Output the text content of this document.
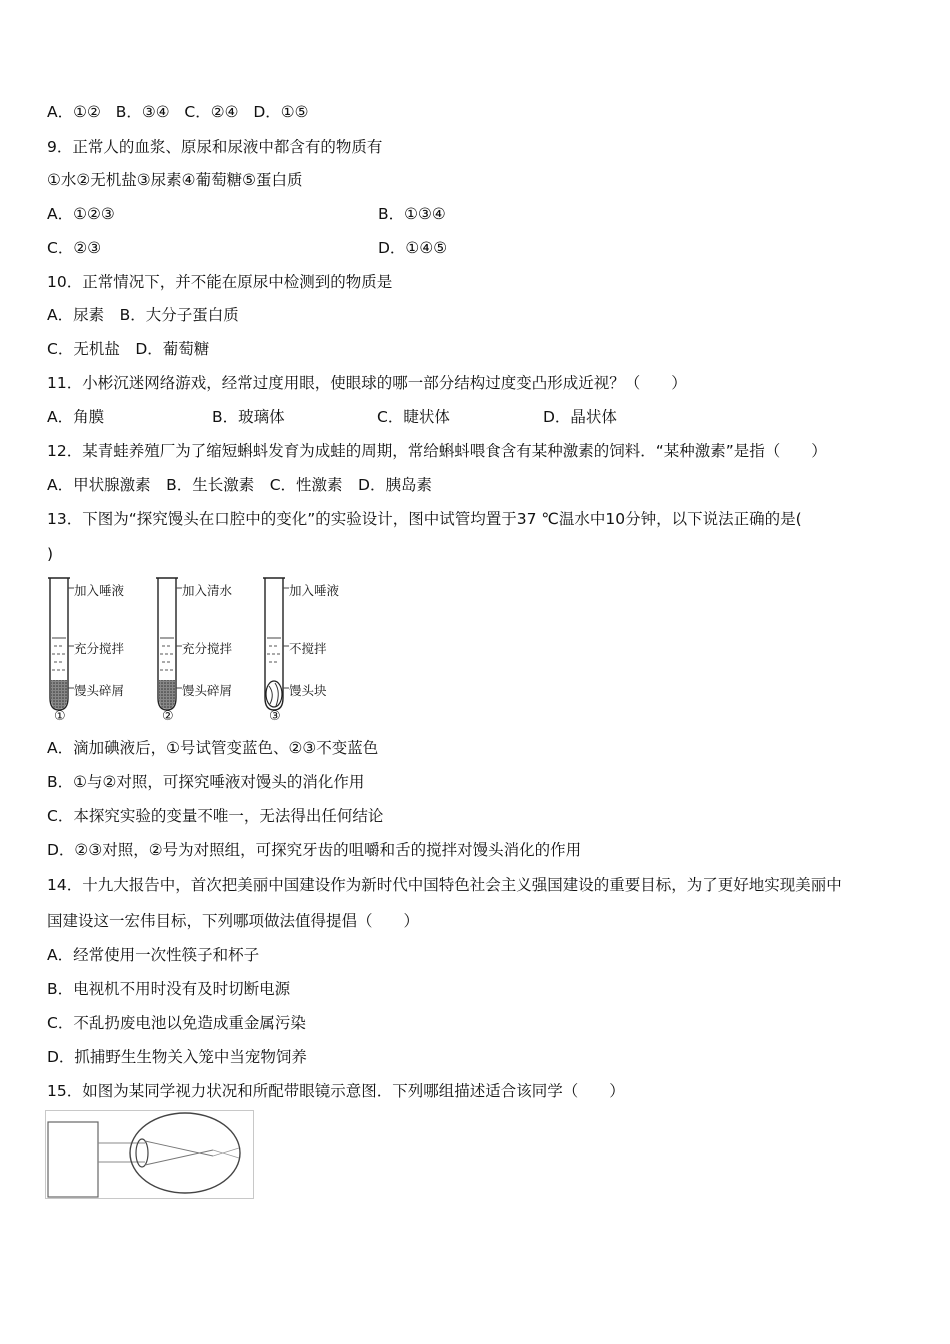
A．①② B．③④ C．②④ D．①⑤
9．正常人的血浆、原尿和尿液中都含有的物质有
①水②无机盐③尿素④葡萄糖⑤蛋白质
A．①②③	B．①③④
C．②③	D．①④⑤
10．正常情况下，并不能在原尿中检测到的物质是
A．尿素　B．大分子蛋白质
C．无机盐　D．葡萄糖
11．小彬沉迷网络游戏，经常过度用眼，使眼球的哪一部分结构过度变凸形成近视？（　　）
A．角膜	B．玻璃体	C．睫状体	D．晶状体
12．某青蛙养殖厂为了缩短蝌蚪发育为成蛙的周期，常给蝌蚪喂食含有某种激素的饲料．“某种激素”是指（　　）
A．甲状腺激素　B．生长激素　C．性激素　D．胰岛素
13．下图为“探究馒头在口腔中的变化”的实验设计，图中试管均置于37 ℃温水中10分钟，以下说法正确的是(
)
加入唾液
充分搅拌
馒头碎屑
①
加入清水
充分搅拌
馒头碎屑
②
加入唾液
不搅拌
馒头块
③
A．滴加碘液后，①号试管变蓝色、②③不变蓝色
B．①与②对照，可探究唾液对馒头的消化作用
C．本探究实验的变量不唯一，无法得出任何结论
D．②③对照，②号为对照组，可探究牙齿的咀嚼和舌的搅拌对馒头消化的作用
14．十九大报告中，首次把美丽中国建设作为新时代中国特色社会主义强国建设的重要目标，为了更好地实现美丽中
国建设这一宏伟目标，下列哪项做法值得提倡（　　）
A．经常使用一次性筷子和杯子
B．电视机不用时没有及时切断电源
C．不乱扔废电池以免造成重金属污染
D．抓捕野生生物关入笼中当宠物饲养
15．如图为某同学视力状况和所配带眼镜示意图．下列哪组描述适合该同学（　　）
